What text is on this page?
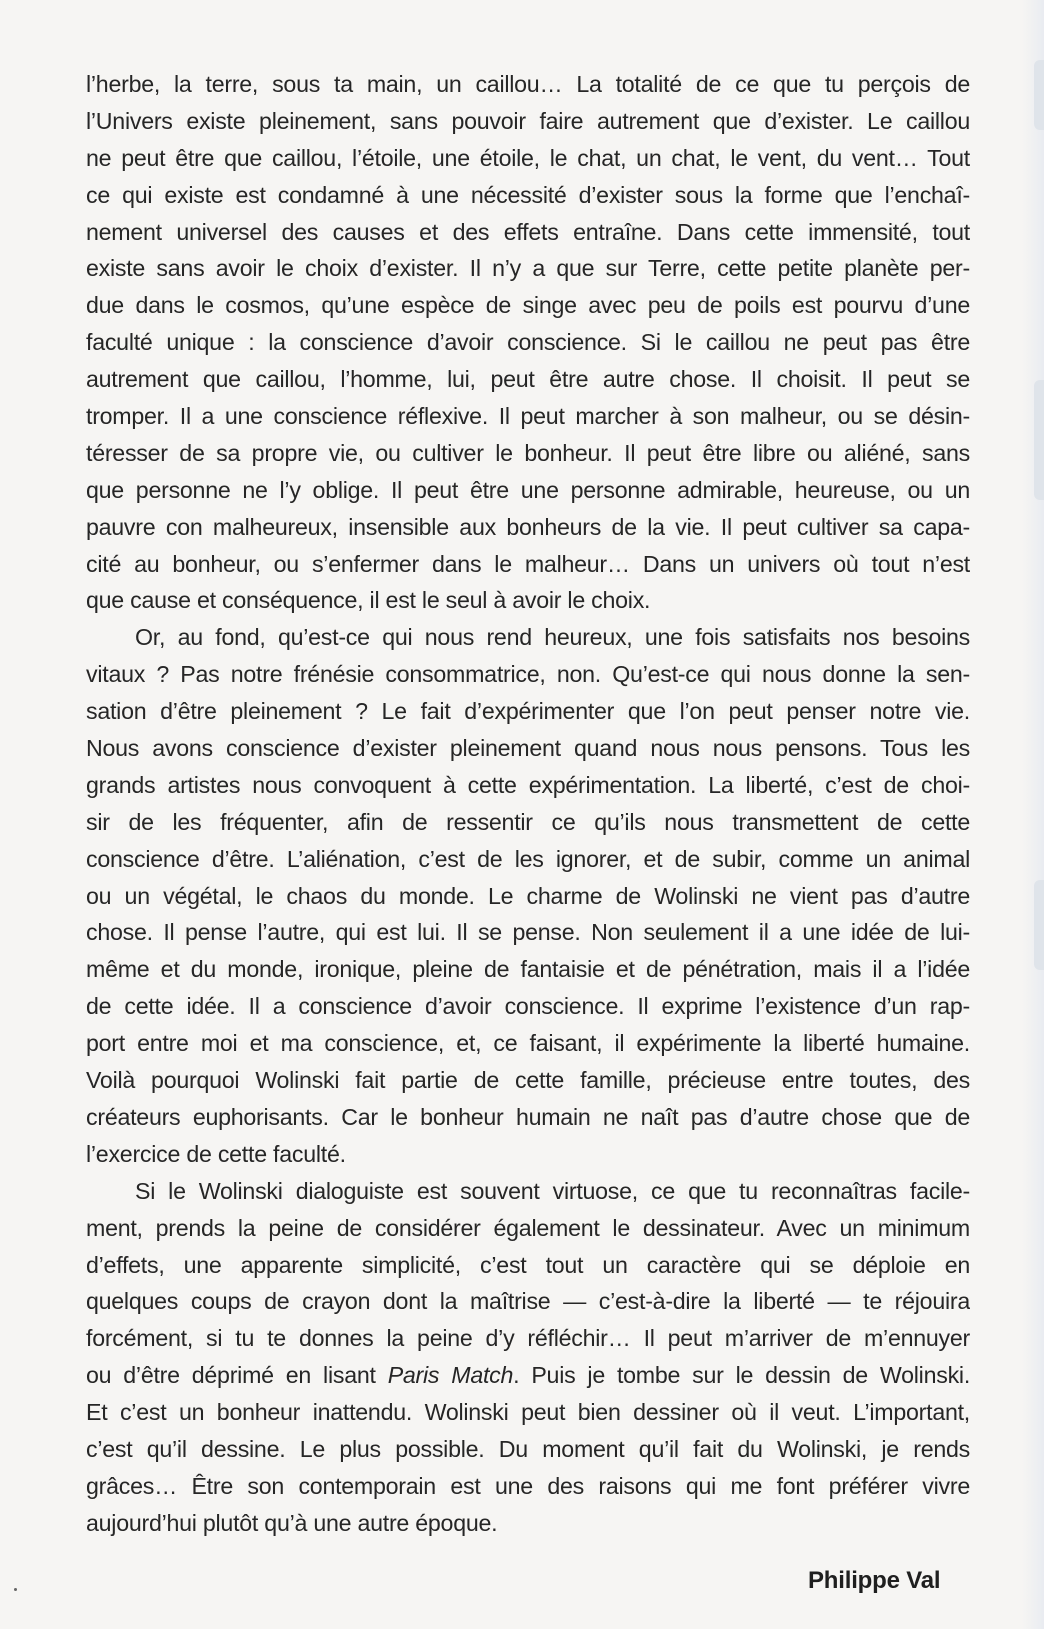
l’herbe, la terre, sous ta main, un caillou… La totalité de ce que tu perçois de
l’Univers existe pleinement, sans pouvoir faire autrement que d’exister. Le caillou
ne peut être que caillou, l’étoile, une étoile, le chat, un chat, le vent, du vent… Tout
ce qui existe est condamné à une nécessité d’exister sous la forme que l’enchaî-
nement universel des causes et des effets entraîne. Dans cette immensité, tout
existe sans avoir le choix d’exister. Il n’y a que sur Terre, cette petite planète per-
due dans le cosmos, qu’une espèce de singe avec peu de poils est pourvu d’une
faculté unique : la conscience d’avoir conscience. Si le caillou ne peut pas être
autrement que caillou, l’homme, lui, peut être autre chose. Il choisit. Il peut se
tromper. Il a une conscience réflexive. Il peut marcher à son malheur, ou se désin-
téresser de sa propre vie, ou cultiver le bonheur. Il peut être libre ou aliéné, sans
que personne ne l’y oblige. Il peut être une personne admirable, heureuse, ou un
pauvre con malheureux, insensible aux bonheurs de la vie. Il peut cultiver sa capa-
cité au bonheur, ou s’enfermer dans le malheur… Dans un univers où tout n’est
que cause et conséquence, il est le seul à avoir le choix.
Or, au fond, qu’est-ce qui nous rend heureux, une fois satisfaits nos besoins
vitaux ? Pas notre frénésie consommatrice, non. Qu’est-ce qui nous donne la sen-
sation d’être pleinement ? Le fait d’expérimenter que l’on peut penser notre vie.
Nous avons conscience d’exister pleinement quand nous nous pensons. Tous les
grands artistes nous convoquent à cette expérimentation. La liberté, c’est de choi-
sir de les fréquenter, afin de ressentir ce qu’ils nous transmettent de cette
conscience d’être. L’aliénation, c’est de les ignorer, et de subir, comme un animal
ou un végétal, le chaos du monde. Le charme de Wolinski ne vient pas d’autre
chose. Il pense l’autre, qui est lui. Il se pense. Non seulement il a une idée de lui-
même et du monde, ironique, pleine de fantaisie et de pénétration, mais il a l’idée
de cette idée. Il a conscience d’avoir conscience. Il exprime l’existence d’un rap-
port entre moi et ma conscience, et, ce faisant, il expérimente la liberté humaine.
Voilà pourquoi Wolinski fait partie de cette famille, précieuse entre toutes, des
créateurs euphorisants. Car le bonheur humain ne naît pas d’autre chose que de
l’exercice de cette faculté.
Si le Wolinski dialoguiste est souvent virtuose, ce que tu reconnaîtras facile-
ment, prends la peine de considérer également le dessinateur. Avec un minimum
d’effets, une apparente simplicité, c’est tout un caractère qui se déploie en
quelques coups de crayon dont la maîtrise — c’est-à-dire la liberté — te réjouira
forcément, si tu te donnes la peine d’y réfléchir… Il peut m’arriver de m’ennuyer
ou d’être déprimé en lisant Paris Match. Puis je tombe sur le dessin de Wolinski.
Et c’est un bonheur inattendu. Wolinski peut bien dessiner où il veut. L’important,
c’est qu’il dessine. Le plus possible. Du moment qu’il fait du Wolinski, je rends
grâces… Être son contemporain est une des raisons qui me font préférer vivre
aujourd’hui plutôt qu’à une autre époque.
Philippe Val
